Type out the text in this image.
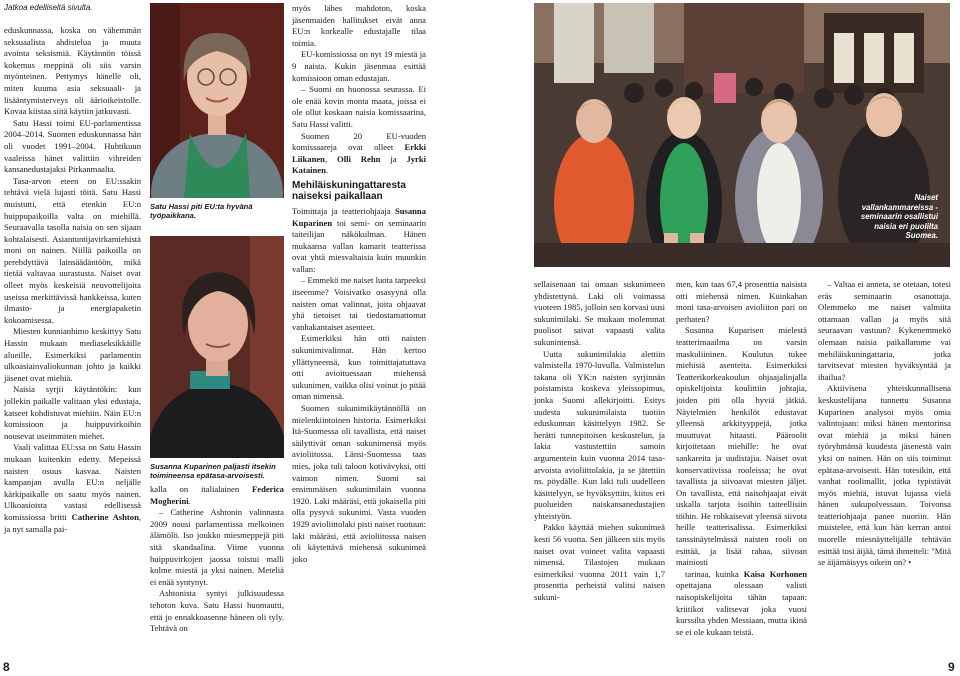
Jatkoa edelliseltä sivulta.

eduskunnassa, koska on vähemmän seksuaalista ahdistelua ja muuta avointa seksismiä. Käytännön töissä kokemus meppinä oli siis varsin myönteinen. Pettymys hänelle oli, miten kuuma asia seksuaali- ja lisääntymisterveys oli äärioikeistolle. Kovaa kiistaa siitä käytiin jatkuvasti.

Satu Hassi toimi EU-parlamentissa 2004–2014. Suomen eduskunnassa hän oli vuodet 1991–2004. Huhtikuun vaaleissa hänet valittiin vihreiden kansanedustajaksi Pirkanmaalta.

Tasa-arvon eteen on EU:ssakin tehtävä vielä lujasti töitä. Satu Hassi muistutti, että etenkin EU:n huippupaikoilla valta on miehillä. Seuraavalla tasolla naisia on sen sijaan kohtalaisesti. Asiantuntijavirkamiehistä moni on nainen. Niillä paikoilla on perehdyttävä lainsäädäntöön, mikä tietää valtavaa uurastusta. Naiset ovat olleet myös keskeisiä neuvottelijoita useissa merkittävissä hankkeissa, kuten ilmasto- ja energiapaketin kokoamisessa.

Miesten kunnianhimo keskittyy Satu Hassin mukaan mediaseksikkäille alueille. Esimerkiksi parlamentin ulkoasiainvaliokunnan johto ja kaikki jäsenet ovat miehiä.

Naisia syrjii käytäntökin: kun jollekin paikalle valitaan yksi edustaja, katseet kohdistuvat miehiin. Näin EU:n komissioon ja huippuvirkoihin nousevat useimmiten miehet.

Vaali valittaa EU:ssa on Satu Hassin mukaan kuitenkin edetty. Mepeissä naisten osuus kasvaa. Naisten kampanjan avulla EU:n neljälle kärkipaikalle on saatu myös nainen. Ulkoasioista vastasi edellisessä komissiossa britti Catherine Ashton, ja nyt samalla pai-

Satu Hassi piti EU:ta hyvänä työpaikkana.
Susanna Kuparinen paljasti itsekin toimineensa epätasa-arvoisesti.

kalla on italialainen Federica Mogherini.

– Catherine Ashtonin valinnasta 2009 nousi parlamentissa melkoinen älämölö. Iso joukko miesmeppejä piti sitä skandaalina. Viime vuonna huippuvirkojen jaossa toistui malli kolme miestä ja yksi nainen. Meteliä ei enää syntynyt.

Ashtonista syntyi julkisuudessa tehoton kuva. Satu Hassi huomautti, että jo ennakkoasenne häneen oli tyly. Tehtävä on

myös lähes mahdoton, koska jäsenmaiden hallitukset eivät anna EU:n korkealle edustajalle tilaa toimia.

EU-komissiossa on nyt 19 miestä ja 9 naista. Kukin jäsenmaa esittää komissioon oman edustajan.

– Suomi on huonossa seurassa. Ei ole enää kovin monta maata, joissa ei ole ollut koskaan naisia komissaarina, Satu Hassi valitti.

Suomen 20 EU-vuoden komissaareja ovat olleet Erkki Liikanen, Olli Rehn ja Jyrki Katainen.

Mehiläiskuningattaresta naiseksi paikallaan

Toimittaja ja teatteriohjaaja Susanna Kuparinen toi semi- on seminaarin taiteilijan näkökulman. Hänen mukaansa vallan kamarit teatterissa ovat yhtä miesvaltaisia kuin muunkin vallan:

– Emmekö me naiset luota tarpeeksi itseemme? Voisivatko osasyynä olla naisten omat valinnat, joita ohjaavat yhä tietoiset tai tiedostamattomat vanhakantaiset asenteet.

Esimerkiksi hän otti naisten sukunimivalinnat. Hän kertoo yllättyneensä, kun toimittajatuttava otti avioituessaan miehensä sukunimen, vaikka olisi voinut jo pitää oman nimensä.

Suomen sukunimikäytännöllä on mielenkiintoinen historia. Esimerkiksi Itä-Suomessa oli tavallista, että naiset säilyttivät oman sukunimensä myös avioliitossa. Länsi-Suomessa taas mies, joka tuli taloon kotivävyksi, otti vaimon nimen. Suomi sai ensimmäisen sukunimilain vuonna 1920. Laki määräsi, että jokaisella piti olla pysyvä sukunimi. Vasta vuoden 1929 avioliittolaki pisti naiset ruotuun: laki määräsi, että avioliitossa naisen oli käytettävä miehensä sukunimeä joko

Naiset vallankammareissa -seminaarin osallistui naisia eri puolilta Suomea.

sellaisenaan tai omaan sukunimeen yhdistettynä. Laki oli voimassa vuoteen 1985, jolloin sen korvasi uusi sukunimilaki. Se mukaan molemmat puolisot saivat vapaasti valita sukunimensä.

Uutta sukunimilakia alettiin valmistella 1970-luvulla. Valmistelun takana oli YK:n naisten syrjinnän poistamista koskeva yleissopimus, jonka Suomi allekirjoitti. Esitys uudesta sukunimilaista tuotiin eduskunnan käsittelyyn 1982. Se herätti tunnepitoisen keskustelun, ja lakia vastustettiin samoin argumentein kuin vuonna 2014 tasa-arvoista avioliittolakia, ja se jätettiin ns. pöydälle. Kun laki tuli uudelleen käsittelyyn, se hyväksyttiin, kiitos eri puolueiden naiskansanedustajien yhteistyön.

Pakko käyttää miehen sukunimeä kesti 56 vuotta. Sen jälkeen siis myös naiset ovat voineet valita vapaasti nimensä. Tilastojen mukaan esimerkiksi vuonna 2011 vain 1,7 prosenttia perheistä valitsi naisen sukuni-

men, kun taas 67,4 prosenttia naisista otti miehensä nimen. Kuinkahan moni tasa-arvoisen avioliiton pari on perhaten?

Susanna Kuparisen mielestä teatterimaailma on varsin maskuliininen. Koulutus tukee miehisiä asenteita. Esimerkiksi Teatterikorkeakoulun ohjaajalinjalla opiskelijoista koulittiin johtajia, joiden piti olla hyviä jätkiä. Näytelmien henkilöt edustavat ylleensä arkkityyppejä, jotka muuttuvat hitaasti. Pääroolit kirjoitetaan miehille: he ovat sankareita ja uudistajia. Naiset ovat konservatiivissa rooleissa; he ovat tavallista ja siivoavat miesten jäljet. On tavallista, että naisohjaajat eivät uskalla tarjota isoihin taiteellisiin töihin. He rohkaisevat yleensä siivota heille teatterisalissa. Esimerkiksi tanssinäytelmässä naisten rooli on esittää, ja lisää rahaa, siivoan mainiosti

tarinaa, kuinka Kaisa Korhonen opettajana olessaan valisti naisopiskelijoita tähän tapaan: kriitikot valitsevat joka vuosi kurssilta yhden Messiaan, mutta ikinä se ei ole kukaan teistä.

– Valtaa ei anneta, se otetaan, totesi eräs seminaarin osanottaja. Olemmeko me naiset valmiita ottamaan vallan ja myös sitä seuraavan vastuun? Kykenemmekö olemaan naisia paikallamme vai mehiläiskuningattaria, jotka tarvitsevat miesten hyväksyntää ja ihailua?

Aktiivisena yhteiskunnallisena keskustelijana tunnettu Susanna Kuparinen analysoi myös omia valintojaan: miksi hänen mentorinsa ovat miehiä ja miksi hänen työryhmänsä kuudesta jäsenestä vain yksi on nainen. Hän on siis toiminut epätasa-arvoisesti. Hän totesikin, että vanhat roolimallit, jotka typistävät myös miehiä, istuvat lujassa vielä hänen sukupolvessaan. Toivonsa teatteriohjaaja panee nuoriin. Hän muistelee, että kun hän kerran antoi nuorelle miesnäyttelijälle tehtävän esittää tosi äijää, tämä ihmetteli: "Mitä se äijämäisyys oikein on? •

8	9
